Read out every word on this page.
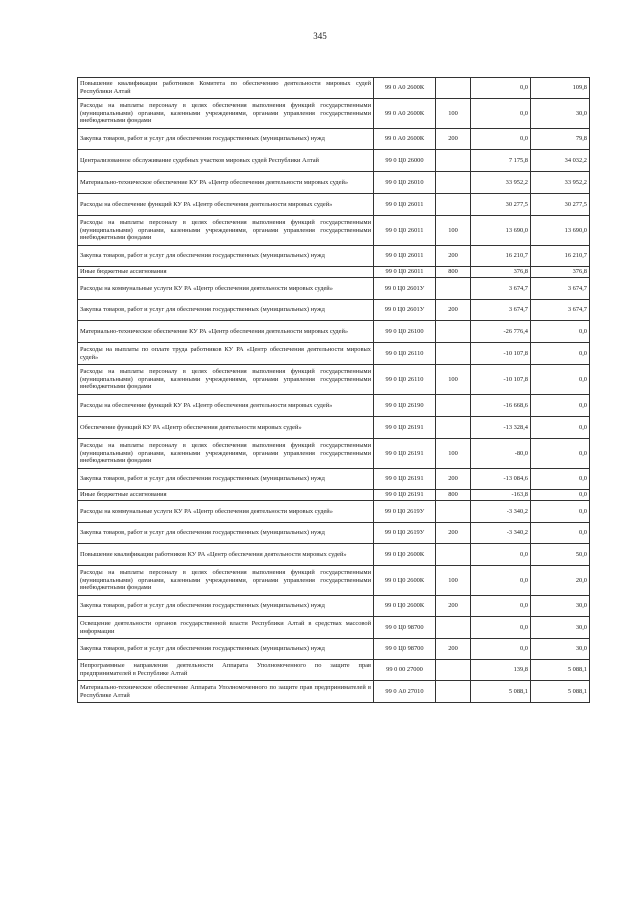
345
Повышение квалификации работников Комитета по обеспечению деятельности мировых судей Республики Алтай	99 0 А0 2600К		0,0	109,8
Расходы на выплаты персоналу в целях обеспечения выполнения функций государственными (муниципальными) органами, казенными учреждениями, органами управления государственными внебюджетными фондами	99 0 А0 2600К	100	0,0	30,0
Закупка товаров, работ и услуг для обеспечения государственных (муниципальных) нужд	99 0 А0 2600К	200	0,0	79,8
Централизованное обслуживание судебных участков мировых судей Республики Алтай	99 0 Ц0 26000		7 175,8	34 032,2
Материально-техническое обеспечение КУ РА «Центр обеспечения деятельности мировых судей»	99 0 Ц0 26010		33 952,2	33 952,2
Расходы на обеспечение функций КУ РА «Центр обеспечения деятельности мировых судей»	99 0 Ц0 26011		30 277,5	30 277,5
Расходы на выплаты персоналу в целях обеспечения выполнения функций государственными (муниципальными) органами, казенными учреждениями, органами управления государственными внебюджетными фондами	99 0 Ц0 26011	100	13 690,0	13 690,0
Закупка товаров, работ и услуг для обеспечения государственных (муниципальных) нужд	99 0 Ц0 26011	200	16 210,7	16 210,7
Иные бюджетные ассигнования	99 0 Ц0 26011	800	376,8	376,8
Расходы на коммунальные услуги КУ РА «Центр обеспечения деятельности мировых судей»	99 0 Ц0 2601У		3 674,7	3 674,7
Закупка товаров, работ и услуг для обеспечения государственных (муниципальных) нужд	99 0 Ц0 2601У	200	3 674,7	3 674,7
Материально-техническое обеспечение КУ РА «Центр обеспечения деятельности мировых судей»	99 0 Ц0 26100		-26 776,4	0,0
Расходы на выплаты по оплате труда работников КУ РА «Центр обеспечения деятельности мировых судей»	99 0 Ц0 26110		-10 107,8	0,0
Расходы на выплаты персоналу в целях обеспечения выполнения функций государственными (муниципальными) органами, казенными учреждениями, органами управления государственными внебюджетными фондами	99 0 Ц0 26110	100	-10 107,8	0,0
Расходы на обеспечение функций КУ РА «Центр обеспечения деятельности мировых судей»	99 0 Ц0 26190		-16 668,6	0,0
Обеспечение функций КУ РА «Центр обеспечения деятельности мировых судей»	99 0 Ц0 26191		-13 328,4	0,0
Расходы на выплаты персоналу в целях обеспечения выполнения функций государственными (муниципальными) органами, казенными учреждениями, органами управления государственными внебюджетными фондами	99 0 Ц0 26191	100	-80,0	0,0
Закупка товаров, работ и услуг для обеспечения государственных (муниципальных) нужд	99 0 Ц0 26191	200	-13 084,6	0,0
Иные бюджетные ассигнования	99 0 Ц0 26191	800	-163,8	0,0
Расходы на коммунальные услуги КУ РА «Центр обеспечения деятельности мировых судей»	99 0 Ц0 2619У		-3 340,2	0,0
Закупка товаров, работ и услуг для обеспечения государственных (муниципальных) нужд	99 0 Ц0 2619У	200	-3 340,2	0,0
Повышение квалификации работников КУ РА «Центр обеспечения деятельности мировых судей»	99 0 Ц0 2600К		0,0	50,0
Расходы на выплаты персоналу в целях обеспечения выполнения функций государственными (муниципальными) органами, казенными учреждениями, органами управления государственными внебюджетными фондами	99 0 Ц0 2600К	100	0,0	20,0
Закупка товаров, работ и услуг для обеспечения государственных (муниципальных) нужд	99 0 Ц0 2600К	200	0,0	30,0
Освещение деятельности органов государственной власти Республики Алтай в средствах массовой информации	99 0 Ц0 98700		0,0	30,0
Закупка товаров, работ и услуг для обеспечения государственных (муниципальных) нужд	99 0 Ц0 98700	200	0,0	30,0
Непрограммные направления деятельности Аппарата Уполномоченного по защите прав предпринимателей в Республике Алтай	99 0 00 27000		139,8	5 088,1
Материально-техническое обеспечение Аппарата Уполномоченного по защите прав предпринимателей в Республике Алтай	99 0 А0 27010		5 088,1	5 088,1
